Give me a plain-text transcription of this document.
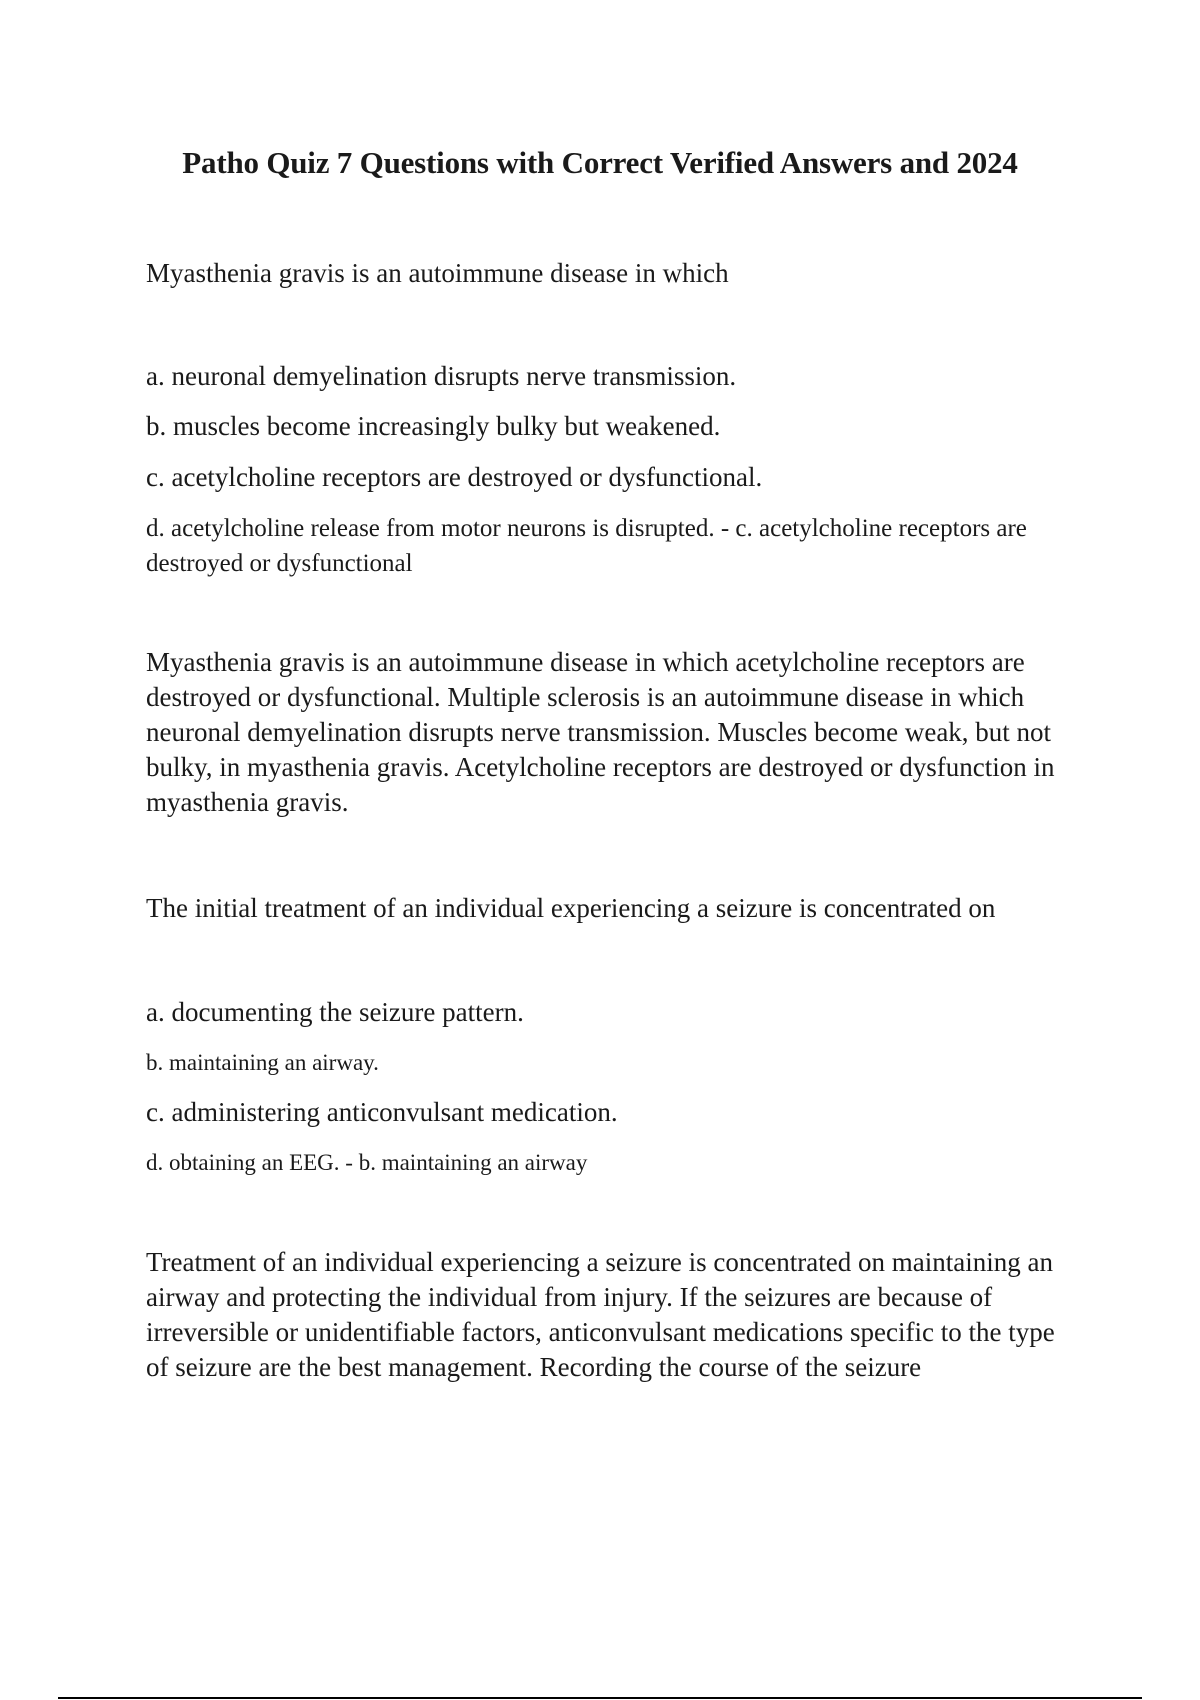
Patho Quiz 7 Questions with Correct Verified Answers and 2024

Myasthenia gravis is an autoimmune disease in which

a. neuronal demyelination disrupts nerve transmission.

b. muscles become increasingly bulky but weakened.

c. acetylcholine receptors are destroyed or dysfunctional.

d. acetylcholine release from motor neurons is disrupted. - c. acetylcholine receptors are destroyed or dysfunctional

Myasthenia gravis is an autoimmune disease in which acetylcholine receptors are destroyed or dysfunctional. Multiple sclerosis is an autoimmune disease in which neuronal demyelination disrupts nerve transmission. Muscles become weak, but not bulky, in myasthenia gravis. Acetylcholine receptors are destroyed or dysfunction in myasthenia gravis.

The initial treatment of an individual experiencing a seizure is concentrated on

a. documenting the seizure pattern.

b. maintaining an airway.

c. administering anticonvulsant medication.

d. obtaining an EEG. - b. maintaining an airway

Treatment of an individual experiencing a seizure is concentrated on maintaining an airway and protecting the individual from injury. If the seizures are because of irreversible or unidentifiable factors, anticonvulsant medications specific to the type of seizure are the best management. Recording the course of the seizure
